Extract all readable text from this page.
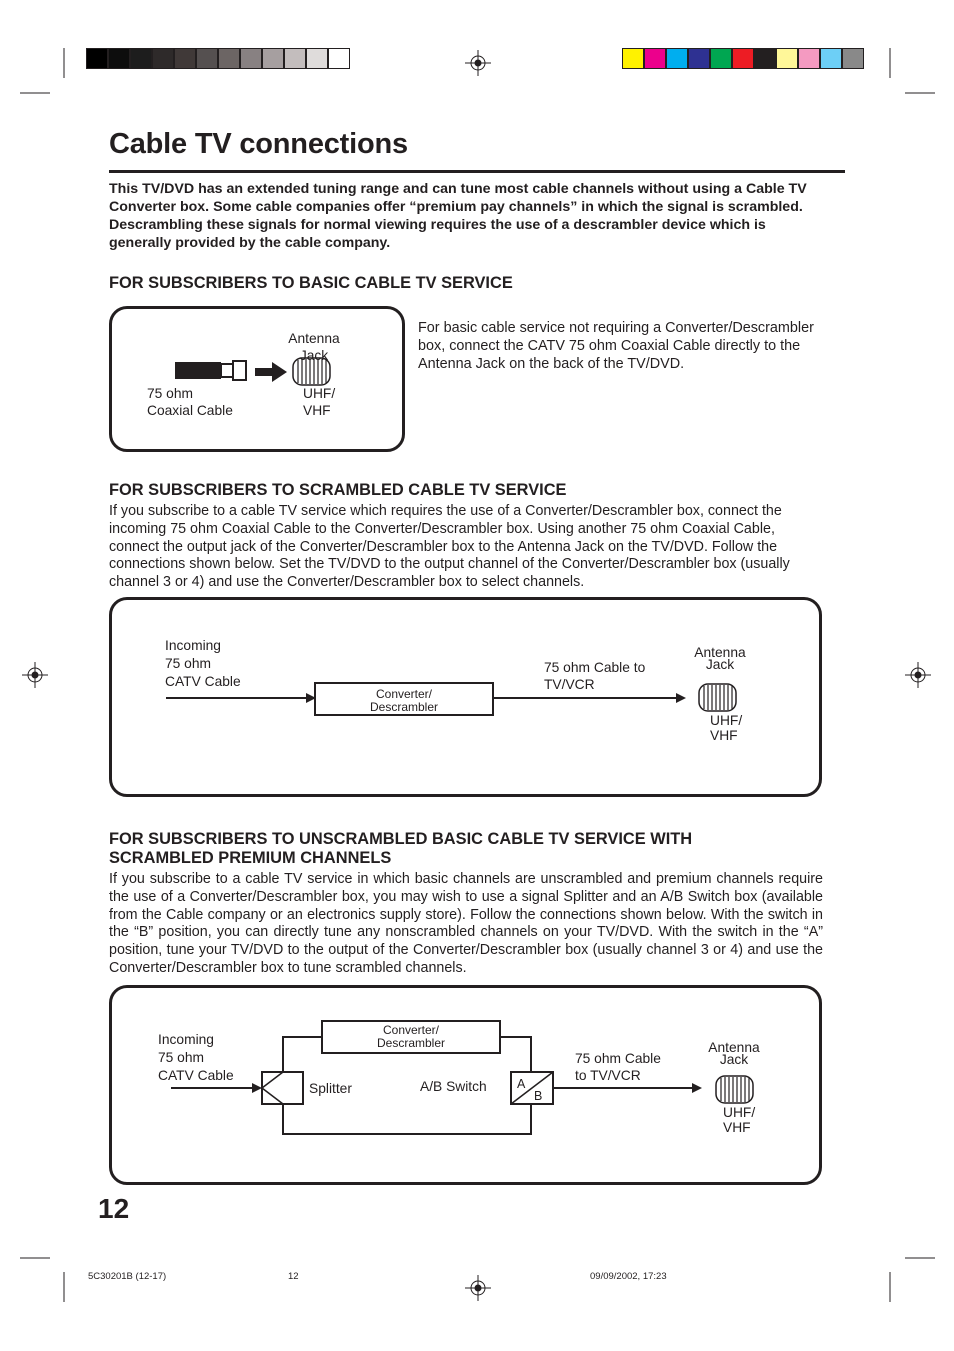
Cable TV connections

This TV/DVD has an extended tuning range and can tune most cable channels without using a Cable TV Converter box. Some cable companies offer “premium pay channels” in which the signal is scrambled. Descrambling these signals for normal viewing requires the use of a descrambler device which is generally provided by the cable company.

FOR SUBSCRIBERS TO BASIC CABLE TV SERVICE
Antenna
Jack
75 ohm
Coaxial Cable
UHF/
VHF

For basic cable service not requiring a Converter/Descrambler box, connect the CATV 75 ohm Coaxial Cable directly to the Antenna Jack on the back of the TV/DVD.

FOR SUBSCRIBERS TO SCRAMBLED CABLE TV SERVICE

If you subscribe to a cable TV service which requires the use of a Converter/Descrambler box, connect the incoming 75 ohm Coaxial Cable to the Converter/Descrambler box. Using another 75 ohm Coaxial Cable, connect the output jack of the Converter/Descrambler box to the Antenna Jack on the TV/DVD. Follow the connections shown below. Set the TV/DVD to the output channel of the Converter/Descrambler box (usually channel 3 or 4) and use the Converter/Descrambler box to select channels.

Incoming
75 ohm
CATV Cable
Converter/
Descrambler
75 ohm Cable to
TV/VCR
Antenna
Jack
UHF/
VHF
FOR SUBSCRIBERS TO UNSCRAMBLED BASIC CABLE TV SERVICE WITH
SCRAMBLED PREMIUM CHANNELS

If you subscribe to a cable TV service in which basic channels are unscrambled and premium channels require the use of a Converter/Descrambler box, you may wish to use a signal Splitter and an A/B Switch box (available from the Cable company or an electronics supply store). Follow the connections shown below. With the switch in the “B” position, you can directly tune any nonscrambled channels on your TV/DVD. With the switch in the “A” position, tune your TV/DVD to the output of the Converter/Descrambler box (usually channel 3 or 4) and use the Converter/Descrambler box to tune scrambled channels.

Incoming
75 ohm
CATV Cable
Splitter
Converter/
Descrambler
A/B Switch A
B
75 ohm Cable
to TV/VCR
Antenna
Jack
UHF/
VHF
12
5C30201B (12-17)	12	09/09/2002, 17:23
